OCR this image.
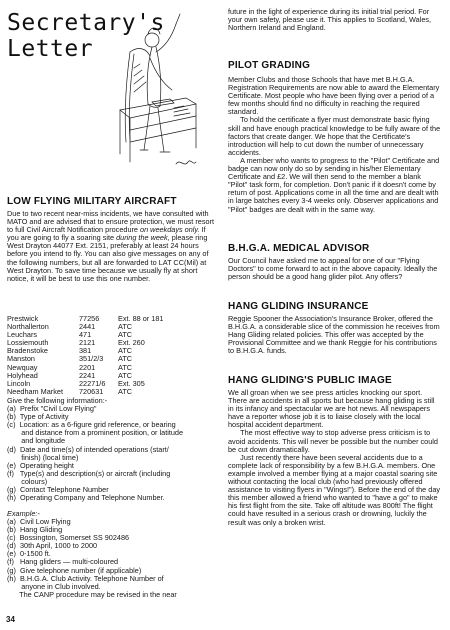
Secretary's
Letter
LOW FLYING MILITARY AIRCRAFT

Due to two recent near-miss incidents, we have consulted with MATO and are advised that to ensure protection, we must resort to full Civil Aircraft Notification procedure on weekdays only. If you are going to fly a soaring site during the week, please ring West Drayton 44077 Ext. 2151, preferably at least 24 hours before you intend to fly. You can also give messages on any of the following numbers, but all are forwarded to LAT CC(Mil) at West Drayton. To save time because we usually fly at short notice, it will be best to use this one number.

Prestwick	77256	Ext. 88 or 181
Northallerton	2441	ATC
Leuchars	471	ATC
Lossiemouth	2121	Ext. 260
Bradenstoke	381	ATC
Manston	351/2/3	ATC
Newquay	2201	ATC
Holyhead	2241	ATC
Lincoln	22271/6	Ext. 305
Needham Market	720631	ATC

Give the following information:-
(a)  Prefix "Civil Low Flying"
(b)  Type of Activity
(c)  Location: as a 6-figure grid reference, or bearing
and distance from a prominent position, or latitude
and longitude
(d)  Date and time(s) of intended operations (start/
finish) (local time)
(e)  Operating height
(f)   Type(s) and description(s) or aircraft (including
colours)
(g)  Contact Telephone Number
(h)  Operating Company and Telephone Number.

Example:-

(a)  Civil Low Flying
(b)  Hang Gliding
(c)  Bossington, Somerset SS 902486
(d)  30th April, 1000 to 2000
(e)  0-1500 ft.
(f)   Hang gliders — multi-coloured
(g)  Give telephone number (if applicable)
(h)  B.H.G.A. Club Activity. Telephone Number of
anyone in Club involved.

The CANP procedure may be revised in the near

34

future in the light of experience during its initial trial period. For your own safety, please use it. This applies to Scotland, Wales, Northern Ireland and England.

PILOT GRADING

Member Clubs and those Schools that have met B.H.G.A. Registration Requirements are now able to award the Elementary Certificate. Most people who have been flying over a period of a few months should find no difficulty in reaching the required standard.
To hold the certificate a flyer must demonstrate basic flying skill and have enough practical knowledge to be fully aware of the factors that create danger. We hope that the Certificate's introduction will help to cut down the number of unnecessary accidents.
A member who wants to progress to the "Pilot" Certificate and badge can now only do so by sending in his/her Elementary Certificate and £2. We will then send to the member a blank "Pilot" task form, for completion. Don't panic if it doesn't come by return of post. Applications come in all the time and are dealt with in large batches every 3-4 weeks only. Observer applications and "Pilot" badges are dealt with in the same way.

B.H.G.A. MEDICAL ADVISOR

Our Council have asked me to appeal for one of our "Flying Doctors" to come forward to act in the above capacity. Ideally the person should be a good hang glider pilot. Any offers?

HANG GLIDING INSURANCE

Reggie Spooner the Association's Insurance Broker, offered the B.H.G.A. a considerable slice of the commission he receives from Hang Gliding related policies. This offer was accepted by the Provisional Committee and we thank Reggie for his contributions to B.H.G.A. funds.

HANG GLIDING'S PUBLIC IMAGE

We all groan when we see press articles knocking our sport. There are accidents in all sports but because hang gliding is still in its infancy and spectacular we are hot news. All newspapers have a reporter whose job it is to liaise closely with the local hospital accident department.
The most effective way to stop adverse press criticism is to avoid accidents. This will never be possible but the number could be cut down dramatically.
Just recently there have been several accidents due to a complete lack of responsibility by a few B.H.G.A. members. One example involved a member flying at a major coastal soaring site without contacting the local club (who had previously offered assistance to visiting flyers in "Wings!"). Before the end of the day this member allowed a friend who wanted to "have a go" to make his first flight from the site. Take off altitude was 800ft! The flight could have resulted in a serious crash or drowning, luckily the result was only a broken wrist.
